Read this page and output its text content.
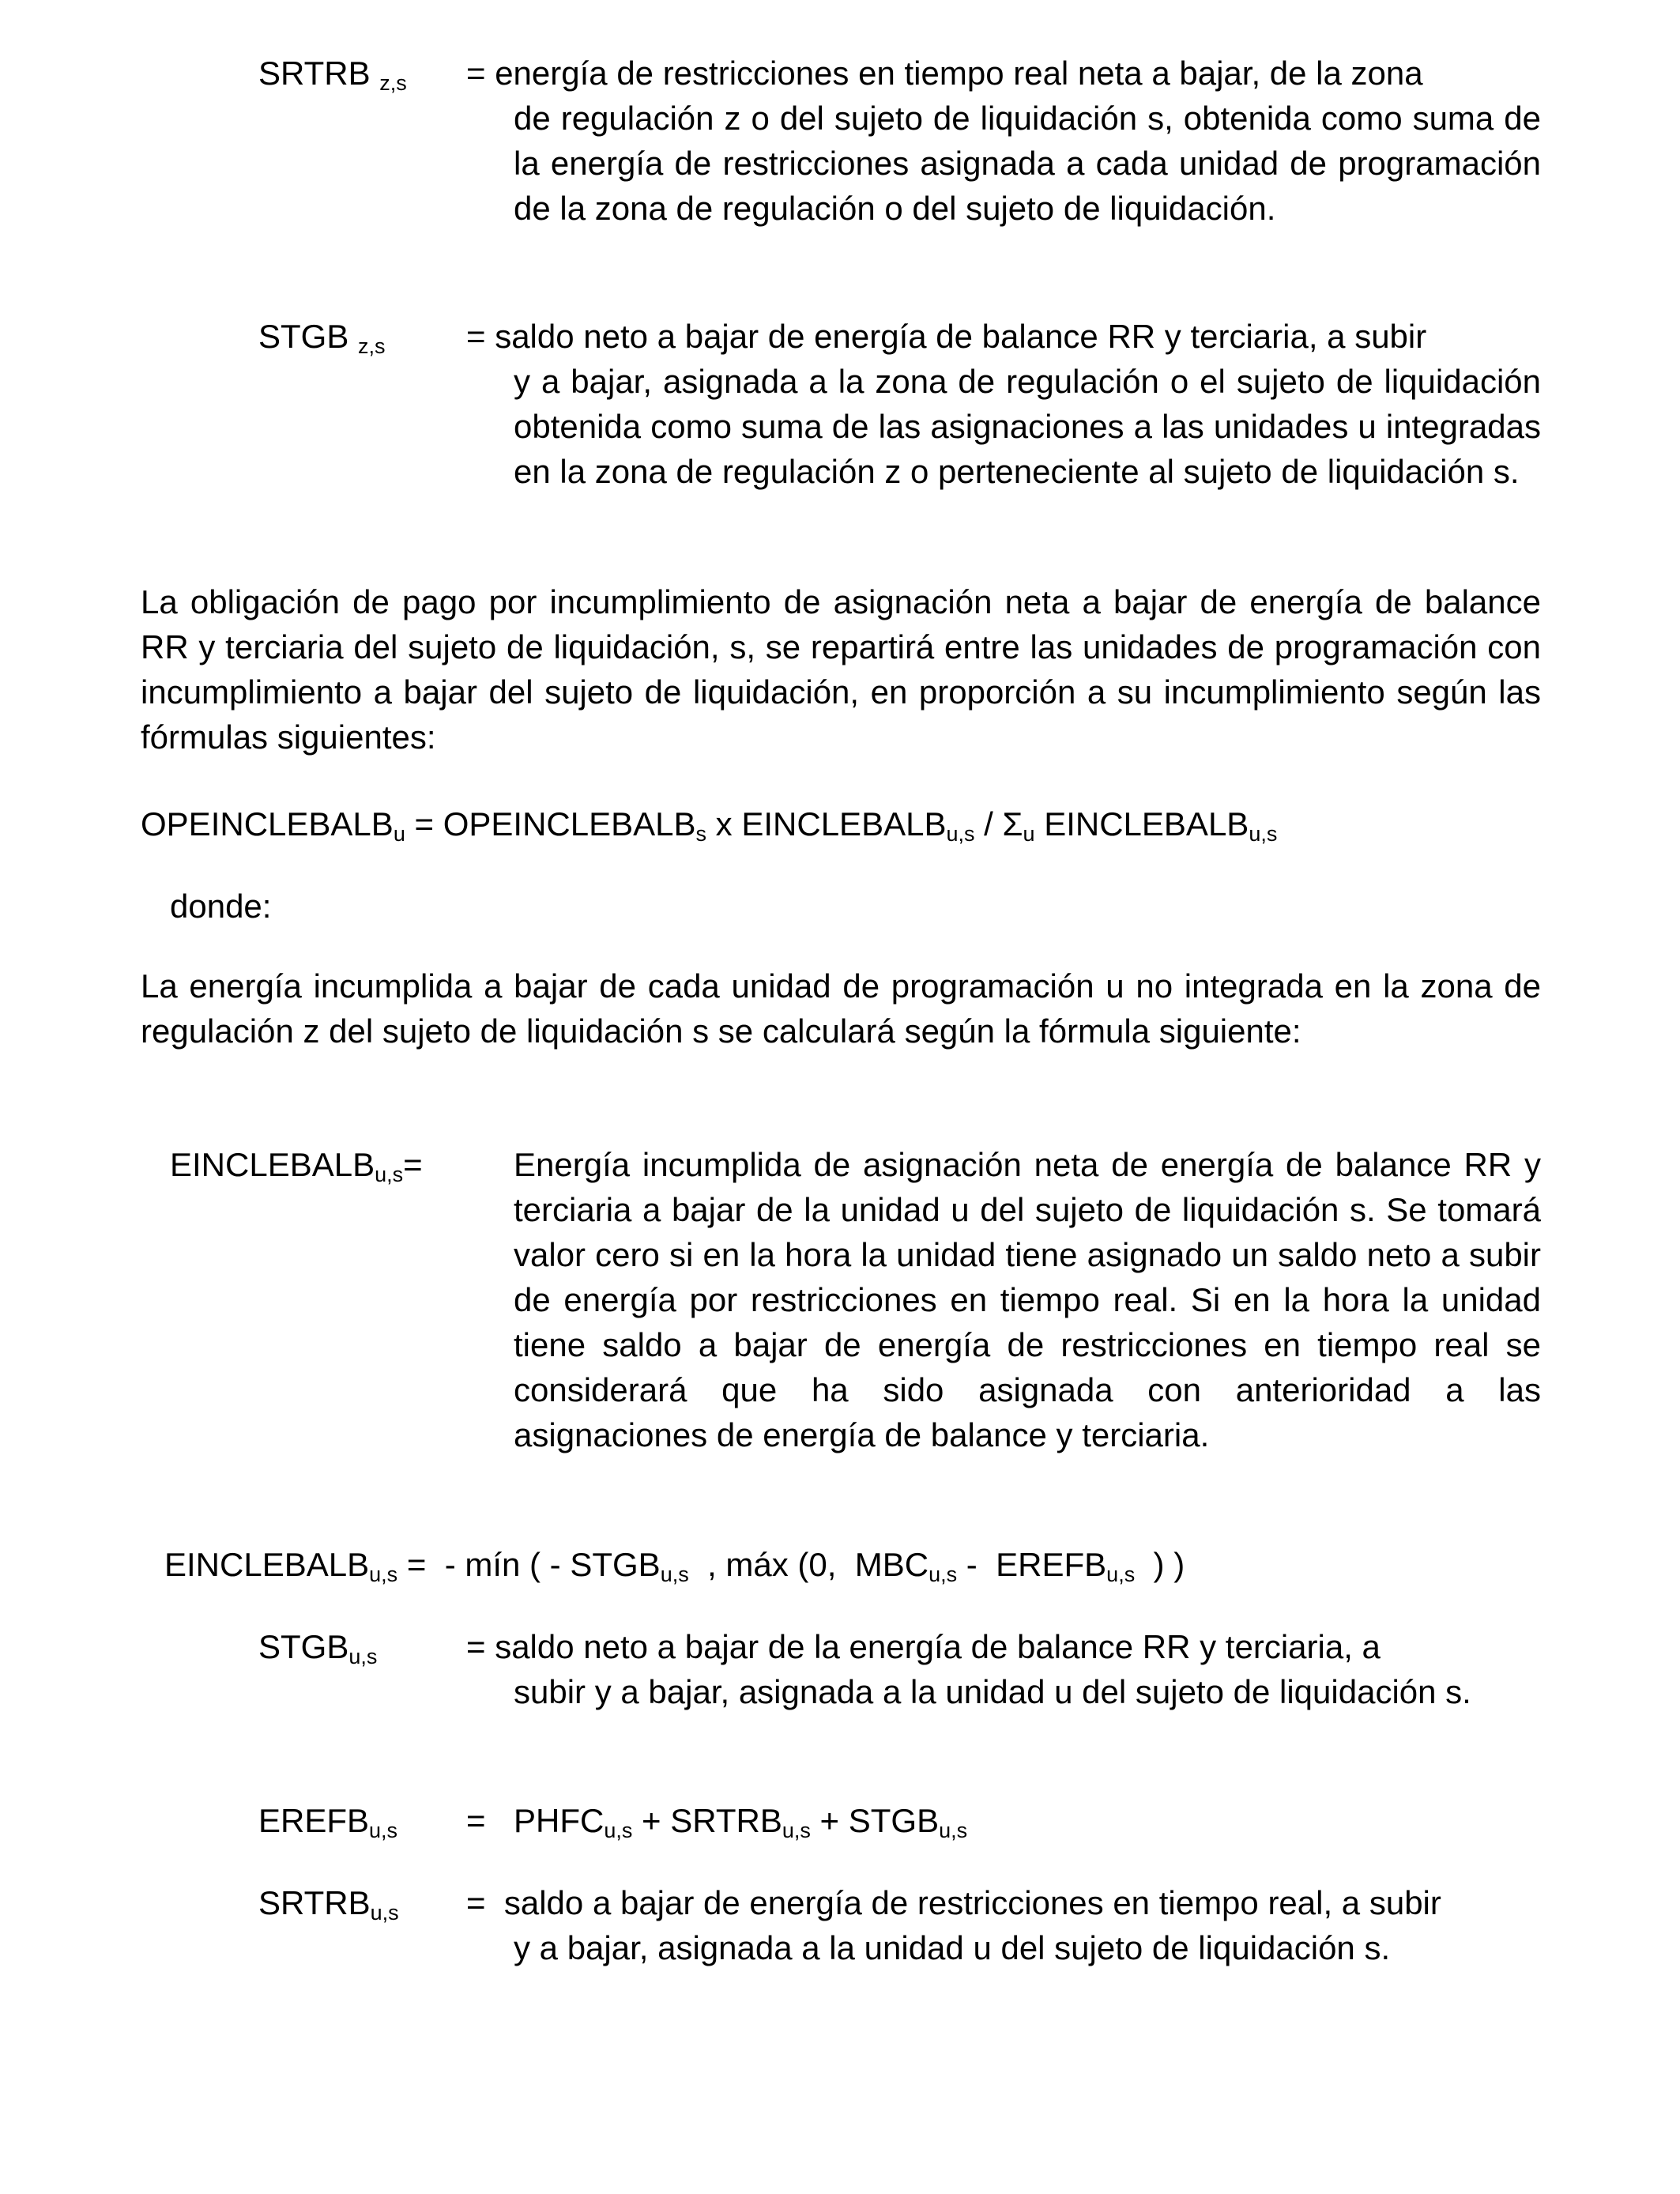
SRTRB $_{z,s}$ = energía de restricciones en tiempo real neta a bajar, de la zona
de regulación z o del sujeto de liquidación s, obtenida como suma de la energía de restricciones asignada a cada unidad de programación de la zona de regulación o del sujeto de liquidación.
STGB $_{z,s}$ = saldo neto a bajar de energía de balance RR y terciaria, a subir
y a bajar, asignada a la zona de regulación o el sujeto de liquidación obtenida como suma de las asignaciones a las unidades u integradas en la zona de regulación z o perteneciente al sujeto de liquidación s.
La obligación de pago por incumplimiento de asignación neta a bajar de energía de balance RR y terciaria del sujeto de liquidación, s, se repartirá entre las unidades de programación con incumplimiento a bajar del sujeto de liquidación, en proporción a su incumplimiento según las fórmulas siguientes:
$OPEINCLEBALB_u$ = $OPEINCLEBALB_s$ x $EINCLEBALB_{u,s} / \Sigma_u$ $EINCLEBALB_{u,s}$
donde:
La energía incumplida a bajar de cada unidad de programación u no integrada en la zona de regulación z del sujeto de liquidación s se calculará según la fórmula siguiente:
$EINCLEBALB_{u,s}=$	Energía incumplida de asignación neta de energía de balance RR y terciaria a bajar de la unidad u del sujeto de liquidación s. Se tomará valor cero si en la hora la unidad tiene asignado un saldo neto a subir de energía por restricciones en tiempo real. Si en la hora la unidad tiene saldo a bajar de energía de restricciones en tiempo real se considerará que ha sido asignada con anterioridad a las asignaciones de energía de balance y terciaria.
$EINCLEBALB_{u,s}$ =  - mín ( - $STGB_{u,s}$  , máx (0,  $MBC_{u,s}$ -  $EREFB_{u,s}$  ) )
$STGB_{u,s}$	= saldo neto a bajar de la energía de balance RR y terciaria, a
subir y a bajar, asignada a la unidad u del sujeto de liquidación s.
$EREFB_{u,s}$ = $PHFC_{u,s}$ + $SRTRB_{u,s}$ + $STGB_{u,s}$
$SRTRB_{u,s}$ =  saldo a bajar de energía de restricciones en tiempo real, a subir
y a bajar, asignada a la unidad u del sujeto de liquidación s.
